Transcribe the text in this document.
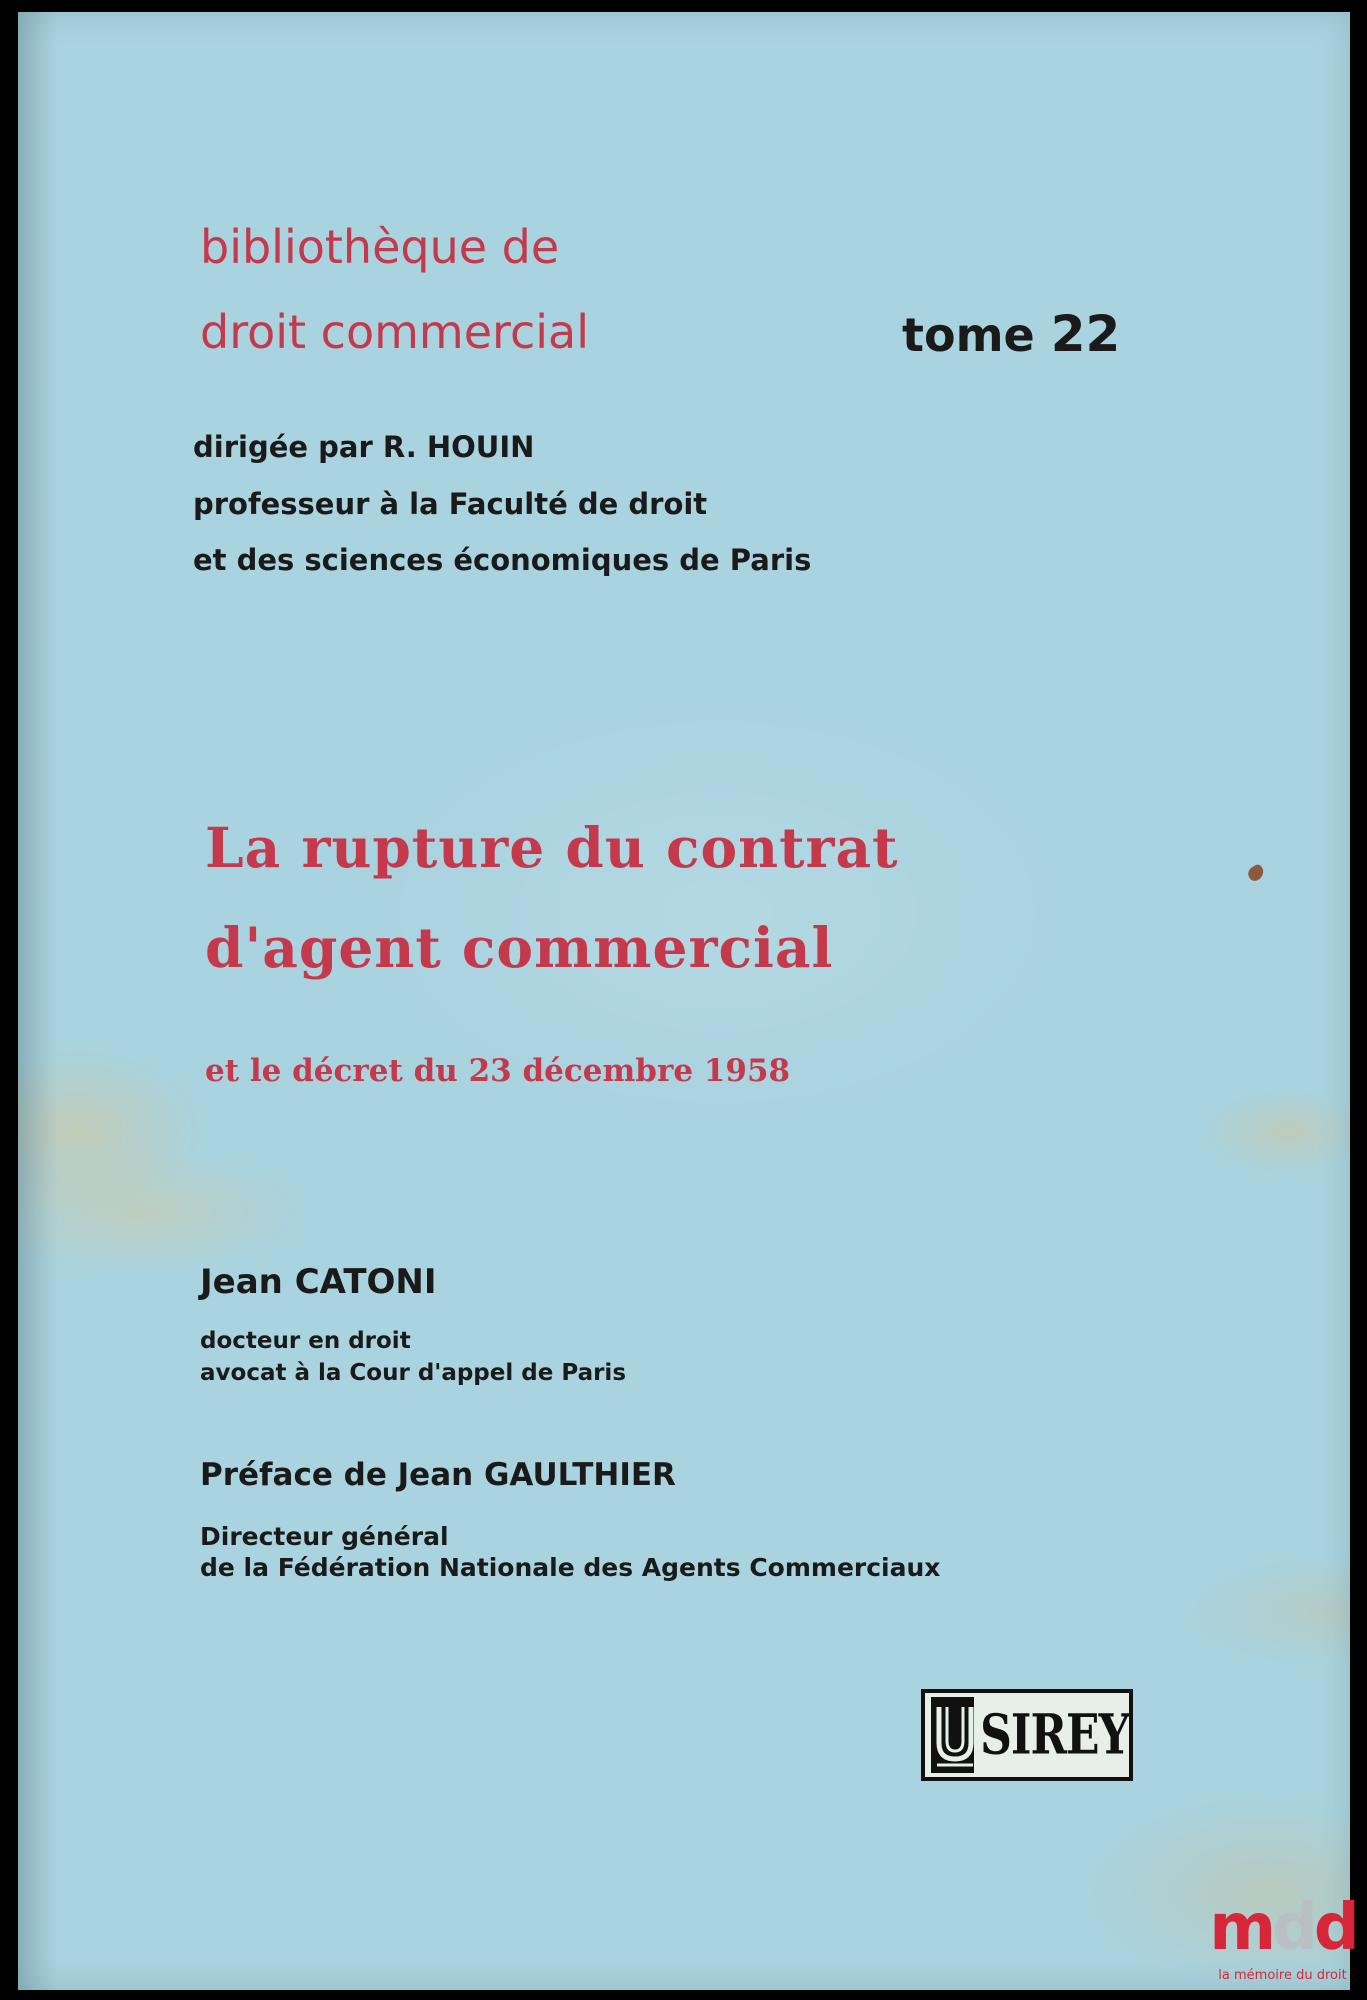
bibliothèque de
droit commercial	tome 22
dirigée par R. HOUIN
professeur à la Faculté de droit
et des sciences économiques de Paris
La rupture du contrat
d'agent commercial
et le décret du 23 décembre 1958
Jean CATONI
docteur en droit
avocat à la Cour d'appel de Paris
Préface de Jean GAULTHIER
Directeur général
de la Fédération Nationale des Agents Commerciaux
SIREY
mdd
la mémoire du droit
